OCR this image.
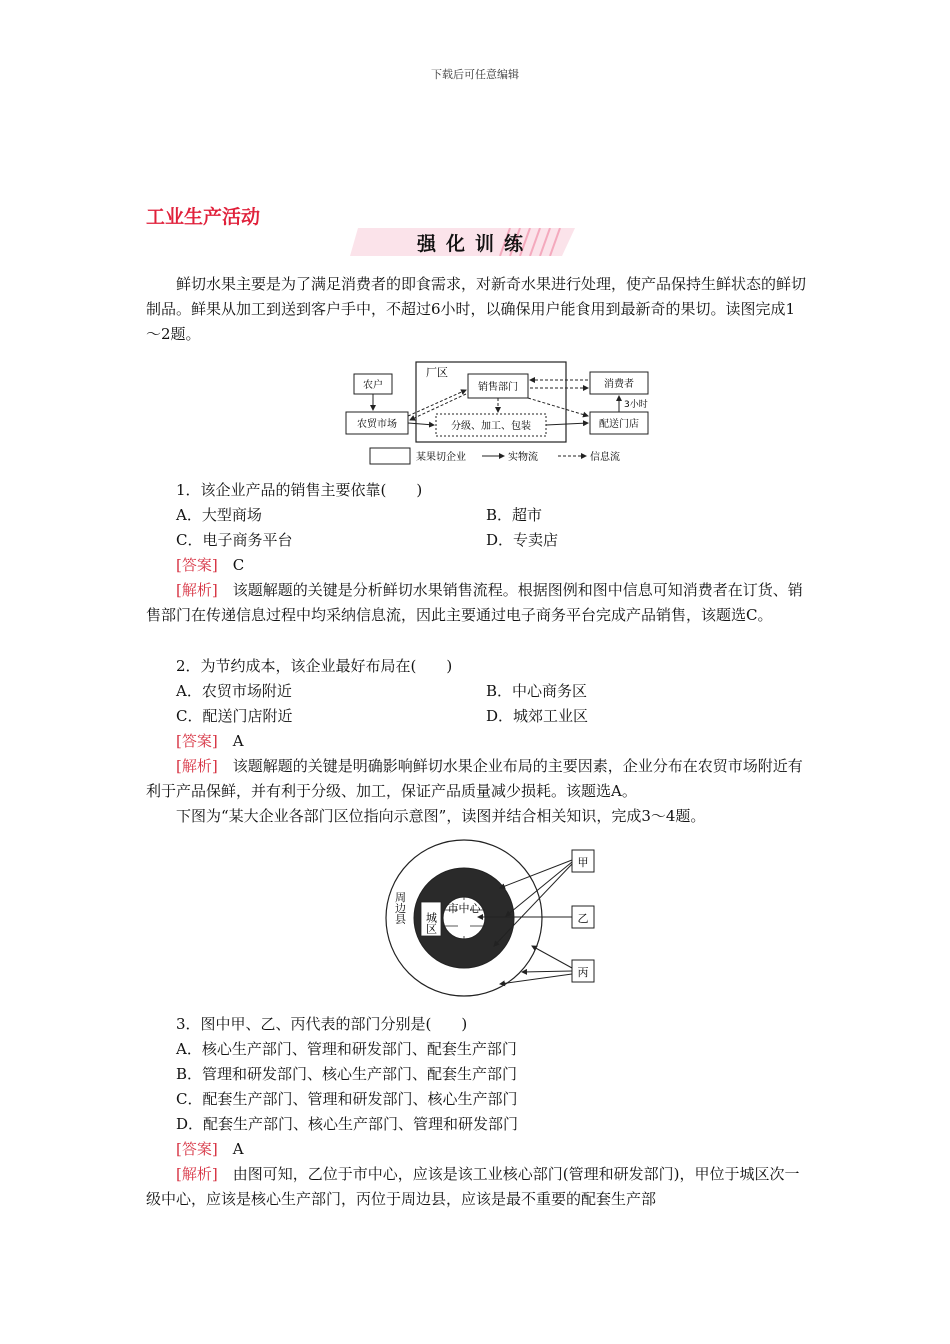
下载后可任意编辑
工业生产活动
强化训练

鲜切水果主要是为了满足消费者的即食需求，对新奇水果进行处理，使产品保持生鲜状态的鲜切制品。鲜果从加工到送到客户手中，不超过6小时，以确保用户能食用到最新奇的果切。读图完成1～2题。

厂区
农户
农贸市场
销售部门
分级、加工、包装
消费者
配送门店
3小时
某果切企业	实物流	信息流
1．该企业产品的销售主要依靠(　　)
A．大型商场	B．超市
C．电子商务平台	D．专卖店
[答案]　 C

[解析]　 该题解题的关键是分析鲜切水果销售流程。根据图例和图中信息可知消费者在订货、销售部门在传递信息过程中均采纳信息流，因此主要通过电子商务平台完成产品销售，该题选C。

2．为节约成本，该企业最好布局在(　　)
A．农贸市场附近	B．中心商务区
C．配送门店附近	D．城郊工业区
[答案]　 A

[解析]　 该题解题的关键是明确影响鲜切水果企业布局的主要因素，企业分布在农贸市场附近有利于产品保鲜，并有利于分级、加工，保证产品质量减少损耗。该题选A。

下图为“某大企业各部门区位指向示意图”，读图并结合相关知识，完成3～4题。

市中心
城区
周边县
甲
乙
丙
3．图中甲、乙、丙代表的部门分别是(　　)
A．核心生产部门、管理和研发部门、配套生产部门
B．管理和研发部门、核心生产部门、配套生产部门
C．配套生产部门、管理和研发部门、核心生产部门
D．配套生产部门、核心生产部门、管理和研发部门
[答案]　 A

[解析]　 由图可知，乙位于市中心，应该是该工业核心部门(管理和研发部门)，甲位于城区次一级中心，应该是核心生产部门，丙位于周边县，应该是最不重要的配套生产部
